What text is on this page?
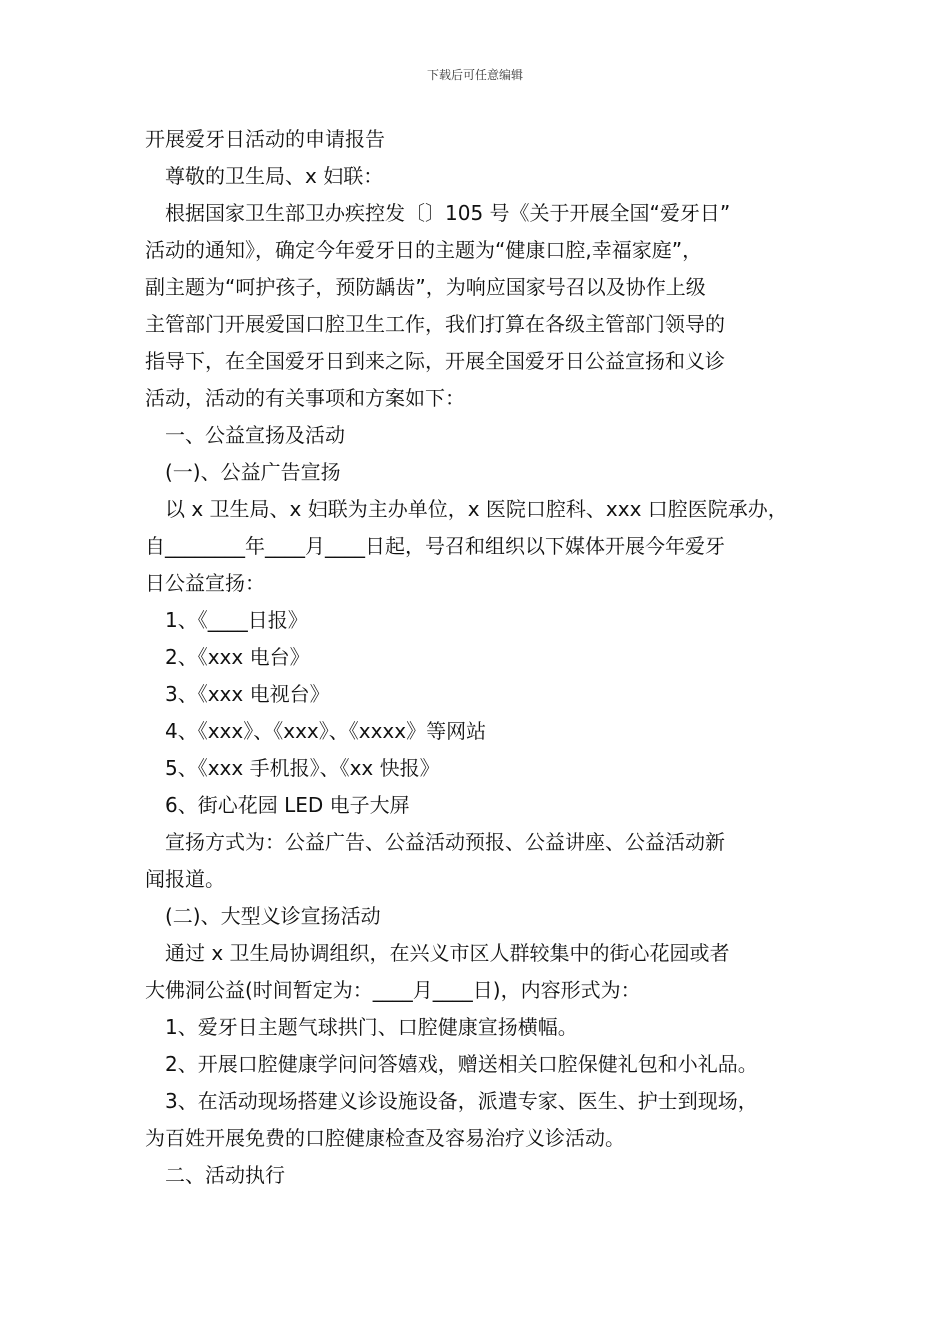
下载后可任意编辑
开展爱牙日活动的申请报告
尊敬的卫生局、x 妇联：
根据国家卫生部卫办疾控发〔〕105 号《关于开展全国“爱牙日”
活动的通知》，确定今年爱牙日的主题为“健康口腔,幸福家庭”，
副主题为“呵护孩子，预防龋齿”，为响应国家号召以及协作上级
主管部门开展爱国口腔卫生工作，我们打算在各级主管部门领导的
指导下，在全国爱牙日到来之际，开展全国爱牙日公益宣扬和义诊
活动，活动的有关事项和方案如下：
一、公益宣扬及活动
(一)、公益广告宣扬
以 x 卫生局、x 妇联为主办单位，x 医院口腔科、xxx 口腔医院承办，
自________年____月____日起，号召和组织以下媒体开展今年爱牙
日公益宣扬：
1、《____日报》
2、《xxx 电台》
3、《xxx 电视台》
4、《xxx》、《xxx》、《xxxx》等网站
5、《xxx 手机报》、《xx 快报》
6、街心花园 LED 电子大屏
宣扬方式为：公益广告、公益活动预报、公益讲座、公益活动新
闻报道。
(二)、大型义诊宣扬活动
通过 x 卫生局协调组织，在兴义市区人群较集中的街心花园或者
大佛洞公益(时间暂定为：____月____日)，内容形式为：
1、爱牙日主题气球拱门、口腔健康宣扬横幅。
2、开展口腔健康学问问答嬉戏，赠送相关口腔保健礼包和小礼品。
3、在活动现场搭建义诊设施设备，派遣专家、医生、护士到现场，
为百姓开展免费的口腔健康检查及容易治疗义诊活动。
二、活动执行
